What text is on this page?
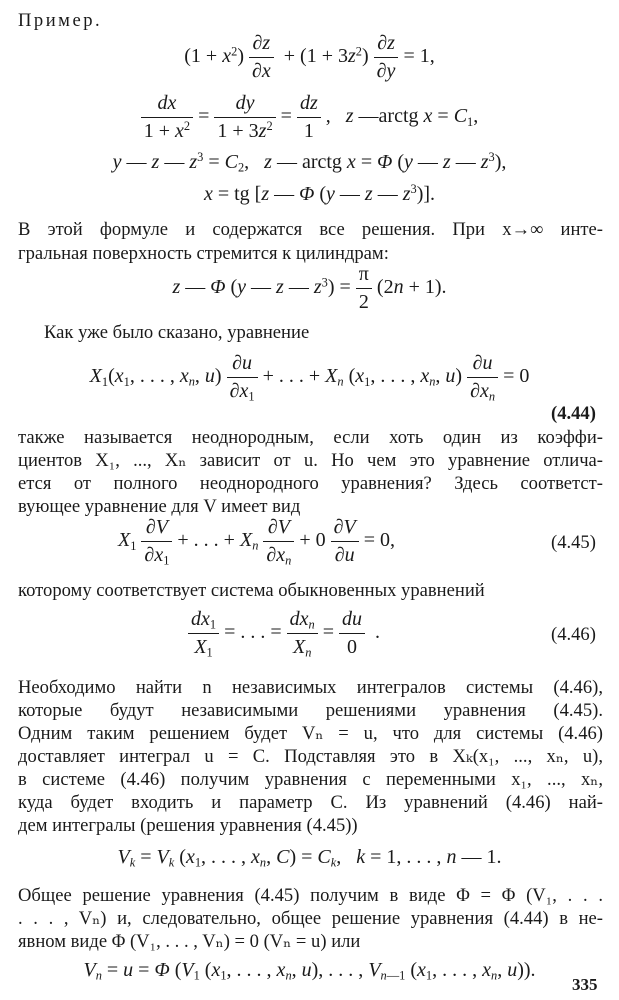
Пример.
$(1 + x^2) \frac{\partial z}{\partial x} + (1 + 3z^2) \frac{\partial z}{\partial y} = 1$,
$\frac{dx}{1 + x^2} = \frac{dy}{1 + 3z^2} = \frac{dz}{1}$ ,   z —arctg $x = C_1$,
y — z — $z^3 = C_2$,   z — arctg x = Φ (y — z — $z^3$),
x = tg [z — Φ (y — z — $z^3$)].
В этой формуле и содержатся все решения. При x→∞ инте-
гральная поверхность стремится к цилиндрам:
z — Φ (y — z — $z^3) = \frac{\pi}{2} (2n + 1)$.
Как уже было сказано, уравнение
$X_1(x_1$, . . . , $x_n$, $u) \frac{\partial u}{\partial x_1}$ + . . . + $X_n$ ($x_1$, . . . , $x_n$, $u) \frac{\partial u}{\partial x_n} = 0$
(4.44)
также называется неоднородным, если хоть один из коэффи-
циентов X₁, ..., Xₙ зависит от u. Но чем это уравнение отлича-
ется от полного неоднородного уравнения? Здесь соответст-
вующее уравнение для V имеет вид
$X_1 \frac{\partial V}{\partial x_1}$ + . . . + $X_n \frac{\partial V}{\partial x_n} + 0 \frac{\partial V}{\partial u} = 0$,	(4.45)
которому соответствует система обыкновенных уравнений
$\frac{dx_1}{X_1}$ = . . . = $\frac{dx_n}{X_n} = \frac{du}{0}$ .	(4.46)
Необходимо найти n независимых интегралов системы (4.46),
которые будут независимыми решениями уравнения (4.45).
Одним таким решением будет Vₙ = u, что для системы (4.46)
доставляет интеграл u = C. Подставляя это в Xₖ(x₁, ..., xₙ, u),
в системе (4.46) получим уравнения с переменными x₁, ..., xₙ,
куда будет входить и параметр C. Из уравнений (4.46) най-
дем интегралы (решения уравнения (4.45))
$V_k = V_k$ ($x_1$, . . . , $x_n$, $C) = C_k$,   k = 1, . . . , n — 1.
Общее решение уравнения (4.45) получим в виде Φ = Φ (V₁, . . .
. . . , Vₙ) и, следовательно, общее решение уравнения (4.44) в не-
явном виде Φ (V₁, . . . , Vₙ) = 0 (Vₙ = u) или
$V_n = u = \Phi$ ($V_1$ ($x_1$, . . . , $x_n$, u), . . . , $V_{n—1}$ ($x_1$, . . . , $x_n$, u)).
335
